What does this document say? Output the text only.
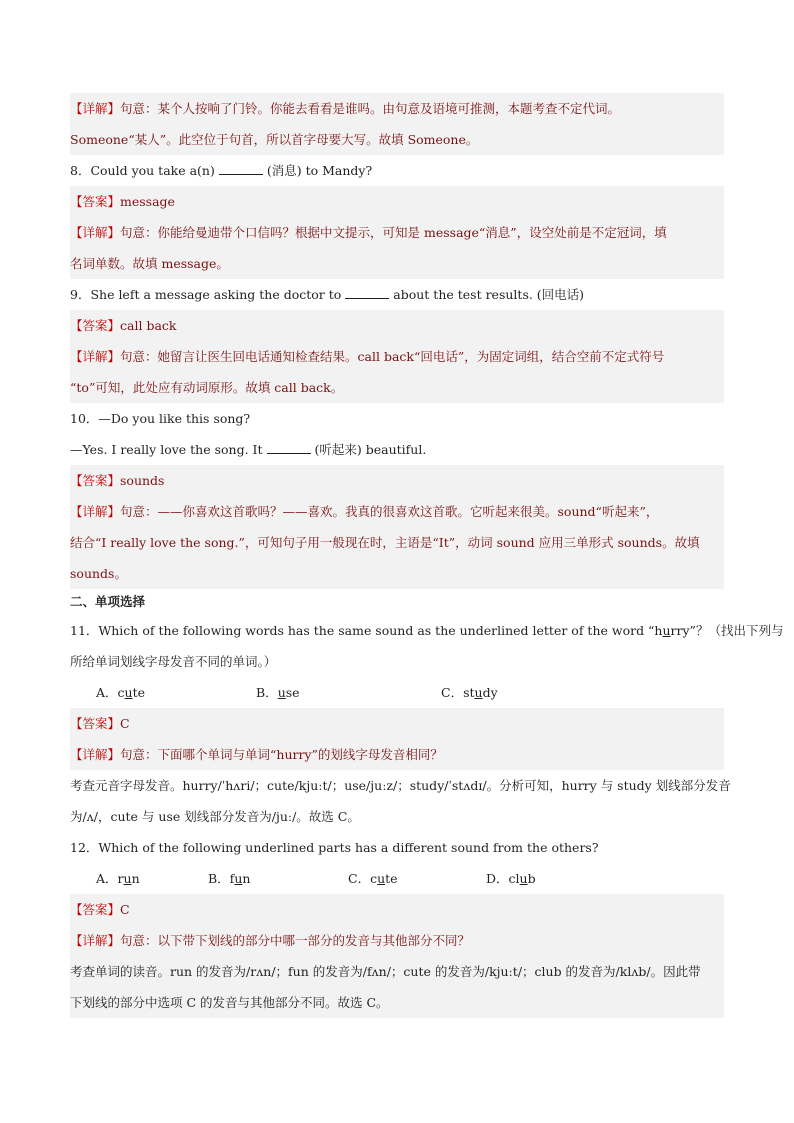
【详解】句意：某个人按响了门铃。你能去看看是谁吗。由句意及语境可推测，本题考查不定代词。
Someone“某人”。此空位于句首，所以首字母要大写。故填 Someone。
8．Could you take a(n)	(消息) to Mandy?
【答案】message
【详解】句意：你能给曼迪带个口信吗？根据中文提示，可知是 message“消息”，设空处前是不定冠词，填
名词单数。故填 message。
9．She left a message asking the doctor to	about the test results. (回电话)
【答案】call back
【详解】句意：她留言让医生回电话通知检查结果。call back“回电话”，为固定词组，结合空前不定式符号
“to”可知，此处应有动词原形。故填 call back。
10．—Do you like this song?
—Yes. I really love the song. It	(听起来) beautiful.
【答案】sounds
【详解】句意：——你喜欢这首歌吗？——喜欢。我真的很喜欢这首歌。它听起来很美。sound“听起来”，
结合“I really love the song.”，可知句子用一般现在时，主语是“It”，动词 sound 应用三单形式 sounds。故填
sounds。
二、单项选择
11．Which of the following words has the same sound as the underlined letter of the word “hurry”？（找出下列与
所给单词划线字母发音不同的单词。）
A．cute	B．use	C．study
【答案】C
【详解】句意：下面哪个单词与单词“hurry”的划线字母发音相同？
考查元音字母发音。hurry/ˈhʌri/；cute/kjuːt/；use/juːz/；study/ˈstʌdɪ/。分析可知，hurry 与 study 划线部分发音
为/ʌ/，cute 与 use 划线部分发音为/juː/。故选 C。
12．Which of the following underlined parts has a different sound from the others?
A．run	B．fun	C．cute	D．club
【答案】C
【详解】句意：以下带下划线的部分中哪一部分的发音与其他部分不同？
考查单词的读音。run 的发音为/rʌn/；fun 的发音为/fʌn/；cute 的发音为/kjuːt/；club 的发音为/klʌb/。因此带
下划线的部分中选项 C 的发音与其他部分不同。故选 C。
